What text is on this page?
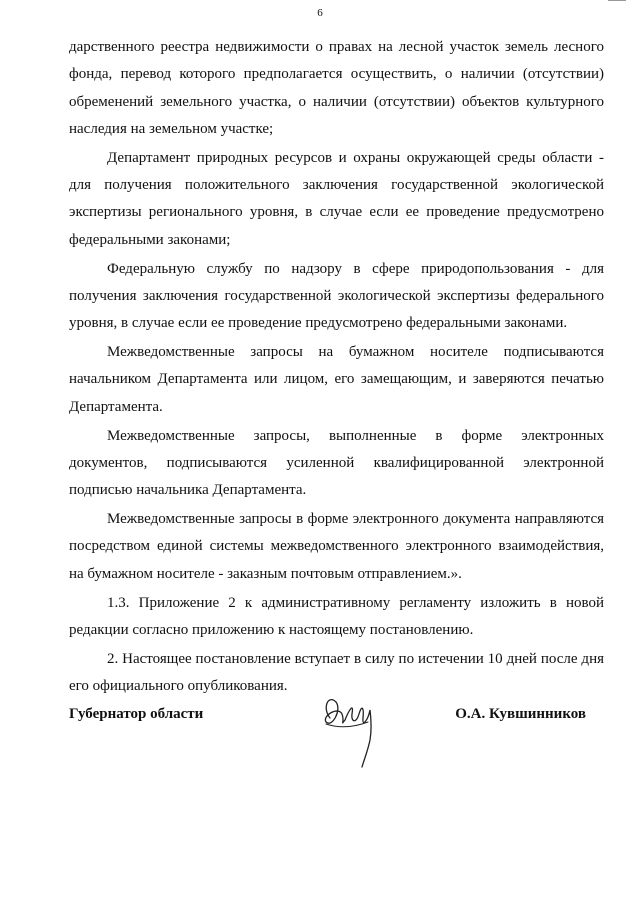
6

дарственного реестра недвижимости о правах на лесной участок земель лесного фонда, перевод которого предполагается осуществить, о наличии (отсутствии) обременений земельного участка, о наличии (отсутствии) объектов культурного наследия на земельном участке;

Департамент природных ресурсов и охраны окружающей среды области - для получения положительного заключения государственной экологической экспертизы регионального уровня, в случае если ее проведение предусмотрено федеральными законами;

Федеральную службу по надзору в сфере природопользования - для получения заключения государственной экологической экспертизы федерального уровня, в случае если ее проведение предусмотрено федеральными законами.

Межведомственные запросы на бумажном носителе подписываются начальником Департамента или лицом, его замещающим, и заверяются печатью Департамента.

Межведомственные запросы, выполненные в форме электронных документов, подписываются усиленной квалифицированной электронной подписью начальника Департамента.

Межведомственные запросы в форме электронного документа направляются посредством единой системы межведомственного электронного взаимодействия, на бумажном носителе - заказным почтовым отправлением.».

1.3. Приложение 2 к административному регламенту изложить в новой редакции согласно приложению к настоящему постановлению.

2. Настоящее постановление вступает в силу по истечении 10 дней после дня его официального опубликования.

Губернатор области	О.А. Кувшинников
